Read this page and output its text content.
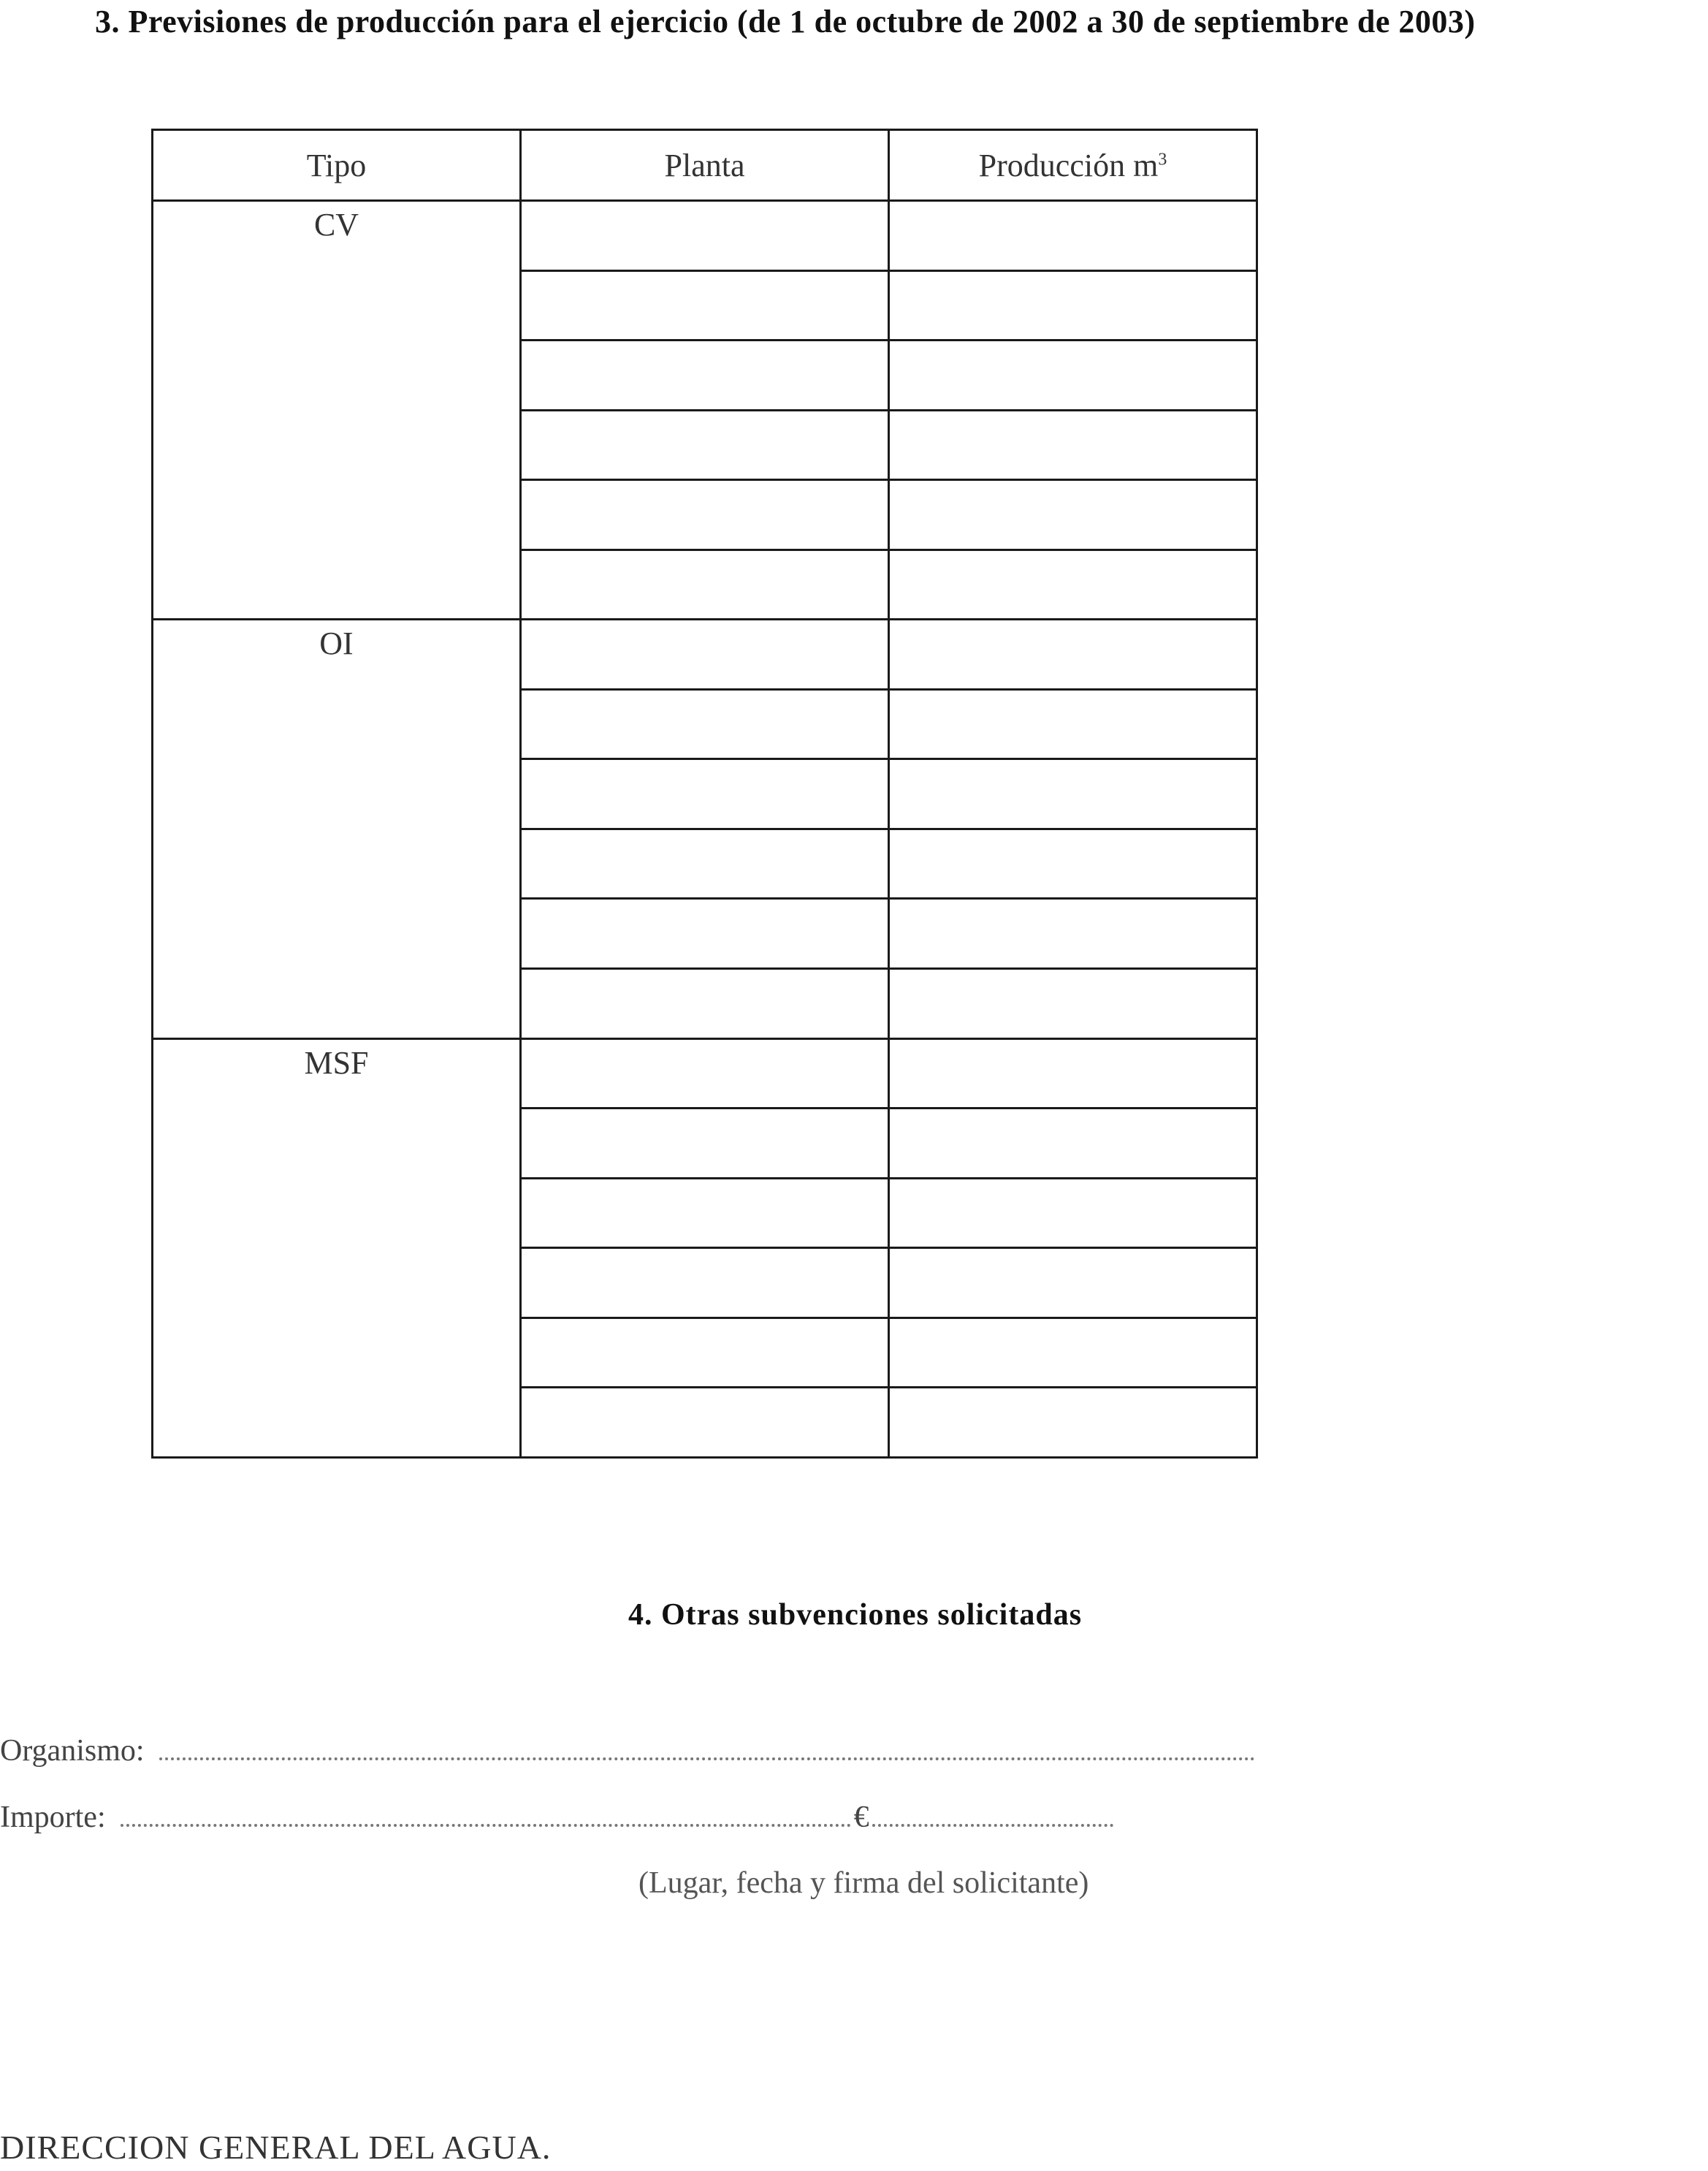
3. Previsiones de producción para el ejercicio (de 1 de octubre de 2002 a 30 de septiembre de 2003)
Tipo	Planta	Producción $m^3$
CV		

OI		

MSF		

4. Otras subvenciones solicitadas
Organismo:
Importe:	€
(Lugar, fecha y firma del solicitante)
DIRECCION GENERAL DEL AGUA.
